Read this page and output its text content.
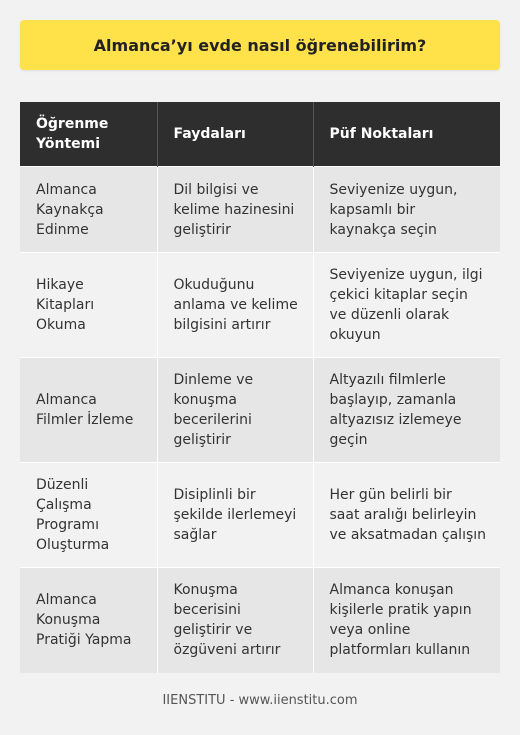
Almanca’yı evde nasıl öğrenebilirim?
Öğrenme Yöntemi	Faydaları	Püf Noktaları
Almanca Kaynakça Edinme	Dil bilgisi ve kelime hazinesini geliştirir	Seviyenize uygun, kapsamlı bir kaynakça seçin
Hikaye Kitapları Okuma	Okuduğunu anlama ve kelime bilgisini artırır	Seviyenize uygun, ilgi çekici kitaplar seçin ve düzenli olarak okuyun
Almanca Filmler İzleme	Dinleme ve konuşma becerilerini geliştirir	Altyazılı filmlerle başlayıp, zamanla altyazısız izlemeye geçin
Düzenli Çalışma Programı Oluşturma	Disiplinli bir şekilde ilerlemeyi sağlar	Her gün belirli bir saat aralığı belirleyin ve aksatmadan çalışın
Almanca Konuşma Pratiği Yapma	Konuşma becerisini geliştirir ve özgüveni artırır	Almanca konuşan kişilerle pratik yapın veya online platformları kullanın
IIENSTITU - www.iienstitu.com
